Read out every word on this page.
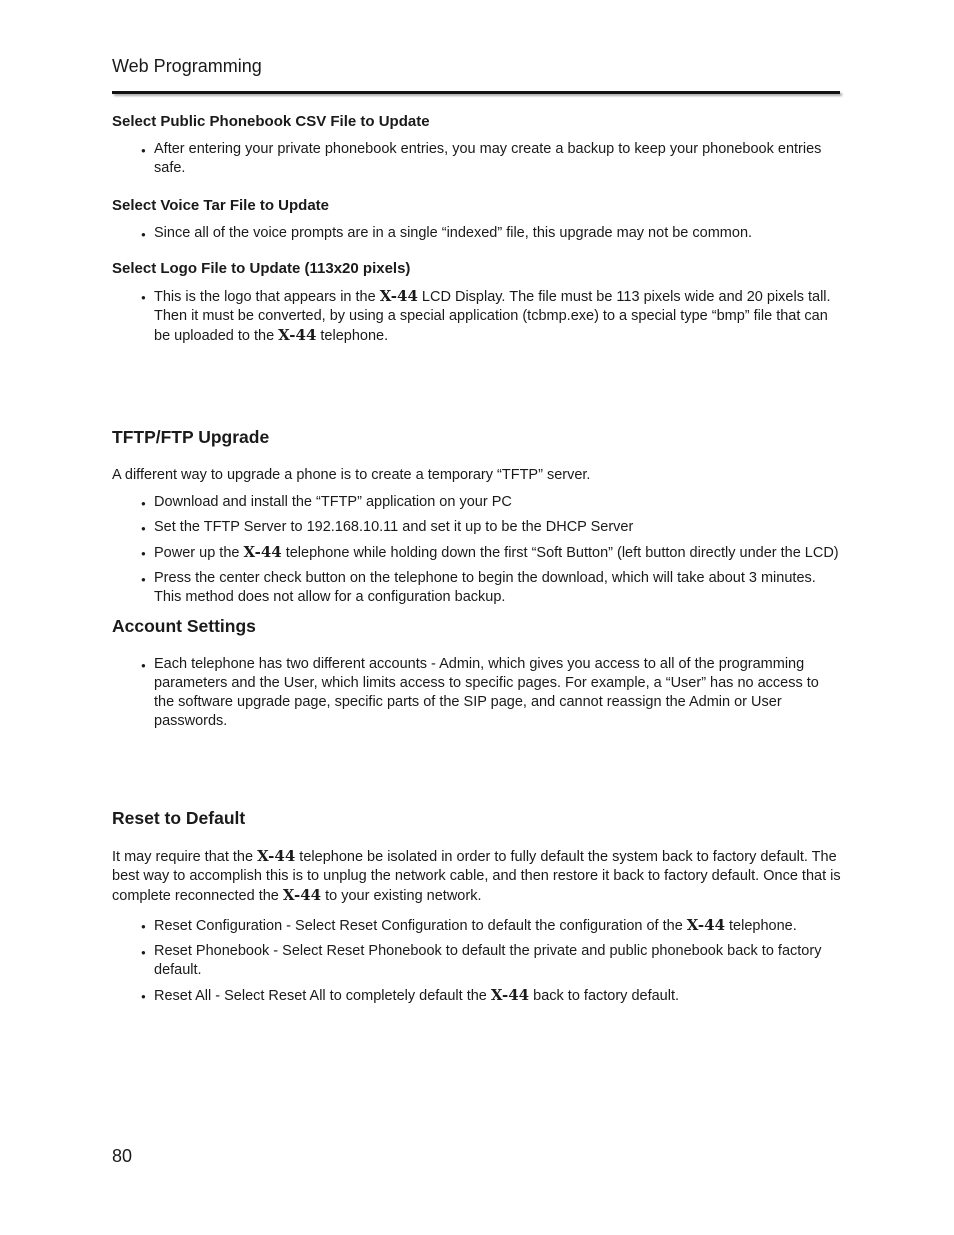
Web Programming
Select Public Phonebook CSV File to Update
● After entering your private phonebook entries, you may create a backup to keep your phonebook entries safe.
Select Voice Tar File to Update
● Since all of the voice prompts are in a single “indexed” file, this upgrade may not be common.
Select Logo File to Update (113x20 pixels)
● This is the logo that appears in the X-44 LCD Display. The file must be 113 pixels wide and 20 pixels tall. Then it must be converted, by using a special application (tcbmp.exe) to a special type “bmp” file that can be uploaded to the X-44 telephone.
TFTP/FTP Upgrade

A different way to upgrade a phone is to create a temporary “TFTP” server.

● Download and install the “TFTP” application on your PC
● Set the TFTP Server to 192.168.10.11 and set it up to be the DHCP Server
● Power up the X-44 telephone while holding down the first “Soft Button” (left button directly under the LCD)
● Press the center check button on the telephone to begin the download, which will take about 3 minutes. This method does not allow for a configuration backup.
Account Settings
● Each telephone has two different accounts - Admin, which gives you access to all of the programming parameters and the User, which limits access to specific pages. For example, a “User” has no access to the software upgrade page, specific parts of the SIP page, and cannot reassign the Admin or User passwords.
Reset to Default

It may require that the X-44 telephone be isolated in order to fully default the system back to factory default. The best way to accomplish this is to unplug the network cable, and then restore it back to factory default. Once that is complete reconnected the X-44 to your existing network.

● Reset Configuration - Select Reset Configuration to default the configuration of the X-44 telephone.
● Reset Phonebook - Select Reset Phonebook to default the private and public phonebook back to factory default.
● Reset All - Select Reset All to completely default the X-44 back to factory default.
80
